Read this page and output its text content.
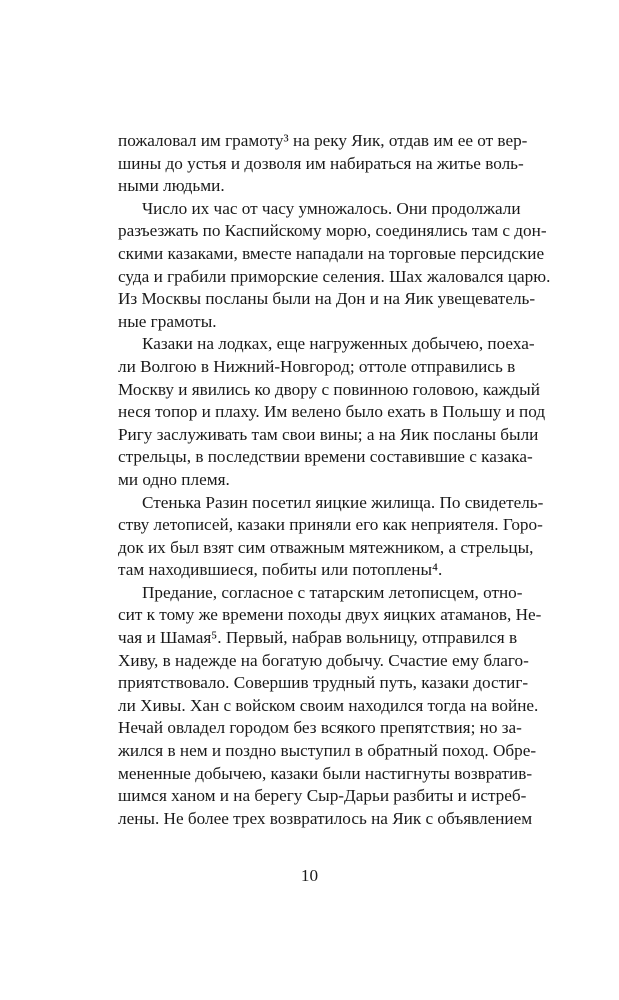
пожаловал им грамоту³ на реку Яик, отдав им ее от вер-
шины до устья и дозволя им набираться на житье воль-
ными людьми.
Число их час от часу умножалось. Они продолжали
разъезжать по Каспийскому морю, соединялись там с дон-
скими казаками, вместе нападали на торговые персидские
суда и грабили приморские селения. Шах жаловался царю.
Из Москвы посланы были на Дон и на Яик увещеватель-
ные грамоты.
Казаки на лодках, еще нагруженных добычею, поеха-
ли Волгою в Нижний-Новгород; оттоле отправились в
Москву и явились ко двору с повинною головою, каждый
неся топор и плаху. Им велено было ехать в Польшу и под
Ригу заслуживать там свои вины; а на Яик посланы были
стрельцы, в последствии времени составившие с казака-
ми одно племя.
Стенька Разин посетил яицкие жилища. По свидетель-
ству летописей, казаки приняли его как неприятеля. Горо-
док их был взят сим отважным мятежником, а стрельцы,
там находившиеся, побиты или потоплены⁴.
Предание, согласное с татарским летописцем, отно-
сит к тому же времени походы двух яицких атаманов, Не-
чая и Шамая⁵. Первый, набрав вольницу, отправился в
Хиву, в надежде на богатую добычу. Счастие ему благо-
приятствовало. Совершив трудный путь, казаки достиг-
ли Хивы. Хан с войском своим находился тогда на войне.
Нечай овладел городом без всякого препятствия; но за-
жился в нем и поздно выступил в обратный поход. Обре-
мененные добычею, казаки были настигнуты возвратив-
шимся ханом и на берегу Сыр-Дарьи разбиты и истреб-
лены. Не более трех возвратилось на Яик с объявлением
10
